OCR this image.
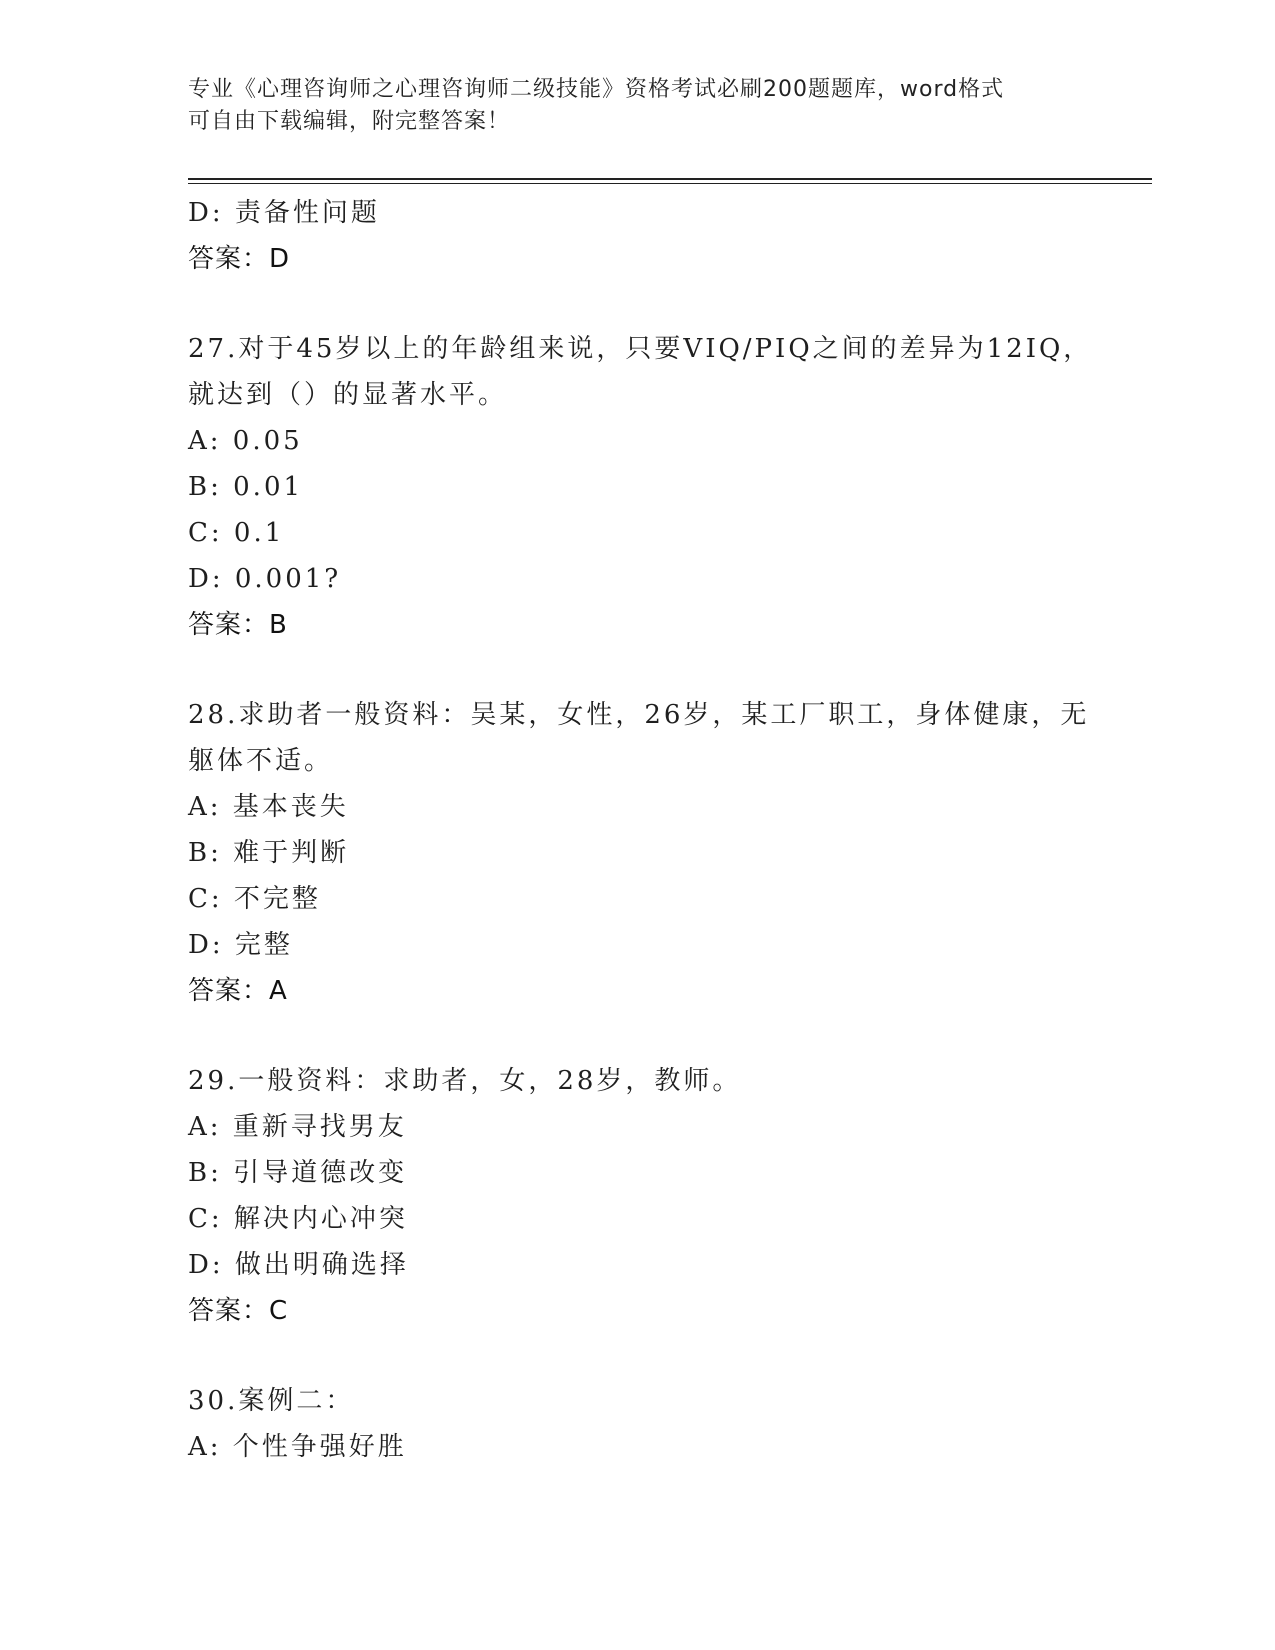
专业《心理咨询师之心理咨询师二级技能》资格考试必刷200题题库，word格式
可自由下载编辑，附完整答案！
D: 责备性问题
答案：D
27.对于45岁以上的年龄组来说，只要VIQ/PIQ之间的差异为12IQ，
就达到（）的显著水平。
A: 0.05
B: 0.01
C: 0.1
D: 0.001?
答案：B
28.求助者一般资料：吴某，女性，26岁，某工厂职工，身体健康，无
躯体不适。
A: 基本丧失
B: 难于判断
C: 不完整
D: 完整
答案：A
29.一般资料：求助者，女，28岁，教师。
A: 重新寻找男友
B: 引导道德改变
C: 解决内心冲突
D: 做出明确选择
答案：C
30.案例二：
A: 个性争强好胜
